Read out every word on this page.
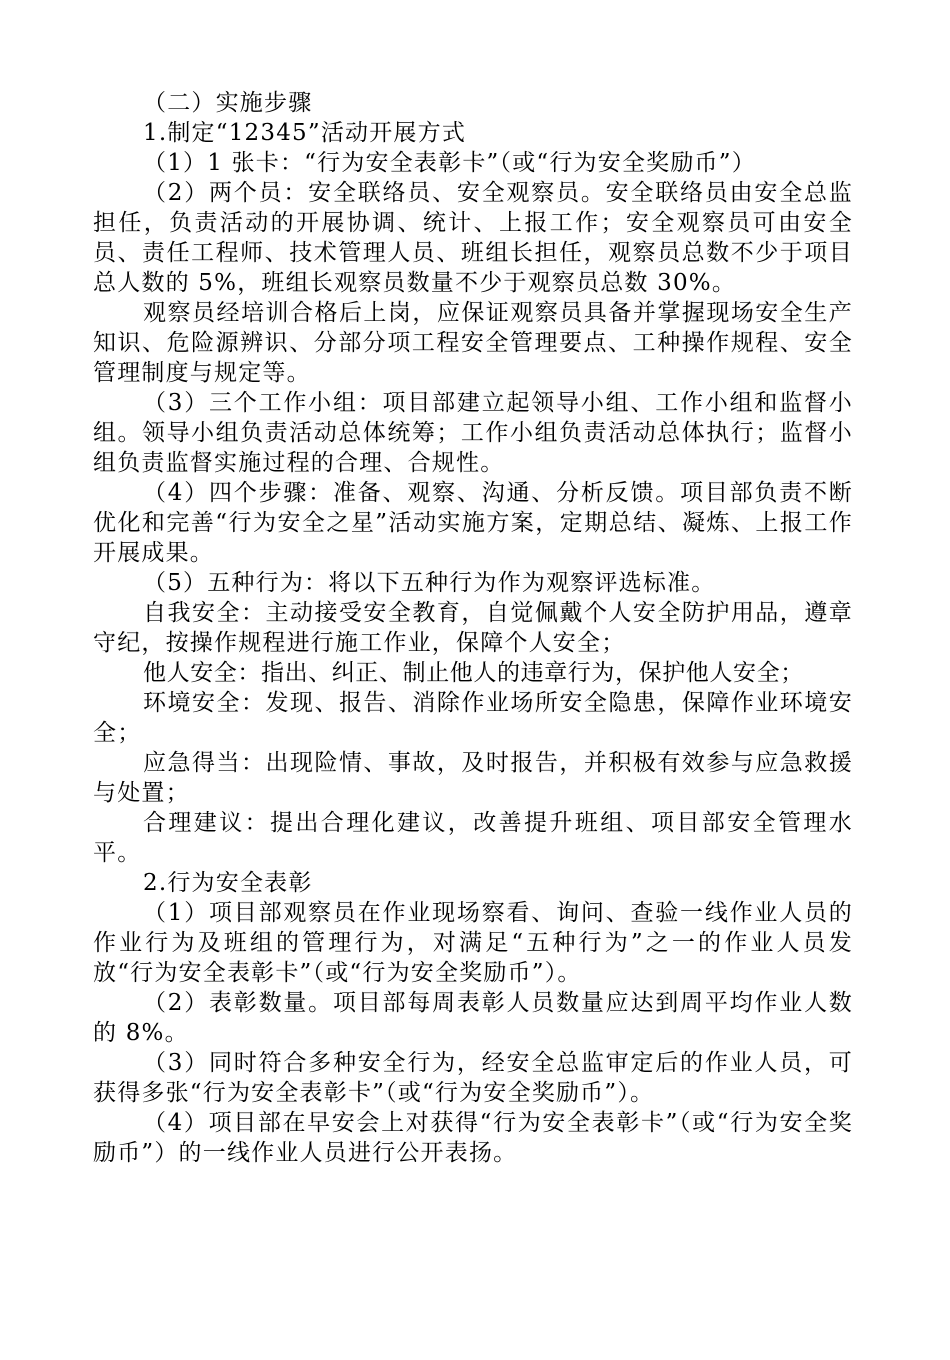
（二）实施步骤

1.制定“12345”活动开展方式

（1）1 张卡：“行为安全表彰卡”（或“行为安全奖励币”）

（2）两个员：安全联络员、安全观察员。安全联络员由安全总监担任，负责活动的开展协调、统计、上报工作；安全观察员可由安全员、责任工程师、技术管理人员、班组长担任，观察员总数不少于项目总人数的 5%，班组长观察员数量不少于观察员总数 30%。

观察员经培训合格后上岗，应保证观察员具备并掌握现场安全生产知识、危险源辨识、分部分项工程安全管理要点、工种操作规程、安全管理制度与规定等。

（3）三个工作小组：项目部建立起领导小组、工作小组和监督小组。领导小组负责活动总体统筹；工作小组负责活动总体执行；监督小组负责监督实施过程的合理、合规性。

（4）四个步骤：准备、观察、沟通、分析反馈。项目部负责不断优化和完善“行为安全之星”活动实施方案，定期总结、凝炼、上报工作开展成果。

（5）五种行为：将以下五种行为作为观察评选标准。

自我安全：主动接受安全教育，自觉佩戴个人安全防护用品，遵章守纪，按操作规程进行施工作业，保障个人安全；

他人安全：指出、纠正、制止他人的违章行为，保护他人安全；

环境安全：发现、报告、消除作业场所安全隐患，保障作业环境安全；

应急得当：出现险情、事故，及时报告，并积极有效参与应急救援与处置；

合理建议：提出合理化建议，改善提升班组、项目部安全管理水平。

2.行为安全表彰

（1）项目部观察员在作业现场察看、询问、查验一线作业人员的作业行为及班组的管理行为，对满足“五种行为”之一的作业人员发放“行为安全表彰卡”（或“行为安全奖励币”）。

（2）表彰数量。项目部每周表彰人员数量应达到周平均作业人数的 8%。

（3）同时符合多种安全行为，经安全总监审定后的作业人员，可获得多张“行为安全表彰卡”（或“行为安全奖励币”）。

（4）项目部在早安会上对获得“行为安全表彰卡”（或“行为安全奖励币”）的一线作业人员进行公开表扬。
